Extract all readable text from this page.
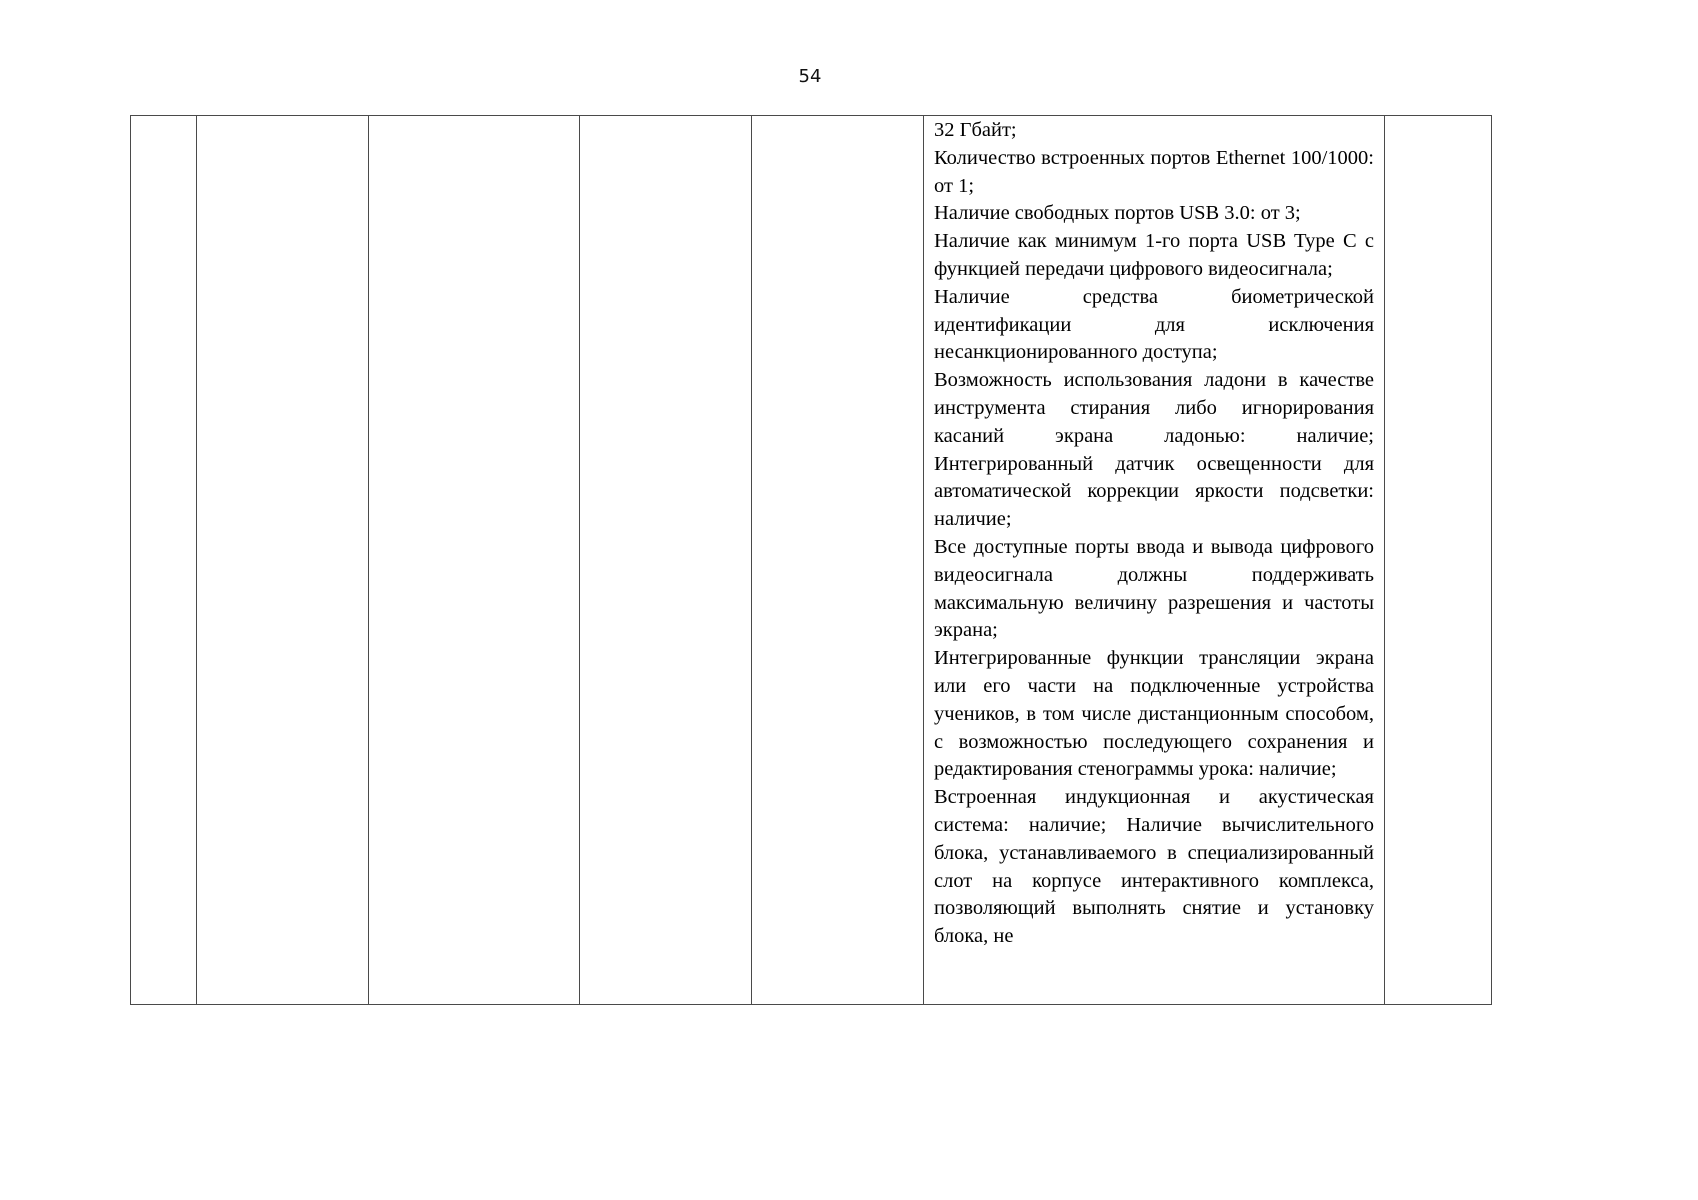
54

32 Гбайт;

Количество встроенных портов Ethernet 100/1000: от 1;

Наличие свободных портов USB 3.0: от 3;

Наличие как минимум 1-го порта USB Type C с функцией передачи цифрового видеосигнала;

Наличие средства биометрической идентификации для исключения несанкционированного доступа;

Возможность использования ладони в качестве инструмента стирания либо игнорирования касаний экрана ладонью: наличие; Интегрированный датчик освещенности для автоматической коррекции яркости подсветки: наличие;

Все доступные порты ввода и вывода цифрового видеосигнала должны поддерживать максимальную величину разрешения и частоты экрана;

Интегрированные функции трансляции экрана или его части на подключенные устройства учеников, в том числе дистанционным способом, с возможностью последующего сохранения и редактирования стенограммы урока: наличие;

Встроенная индукционная и акустическая система: наличие; Наличие вычислительного блока, устанавливаемого в специализированный слот на корпусе интерактивного комплекса, позволяющий выполнять снятие и установку блока, не
